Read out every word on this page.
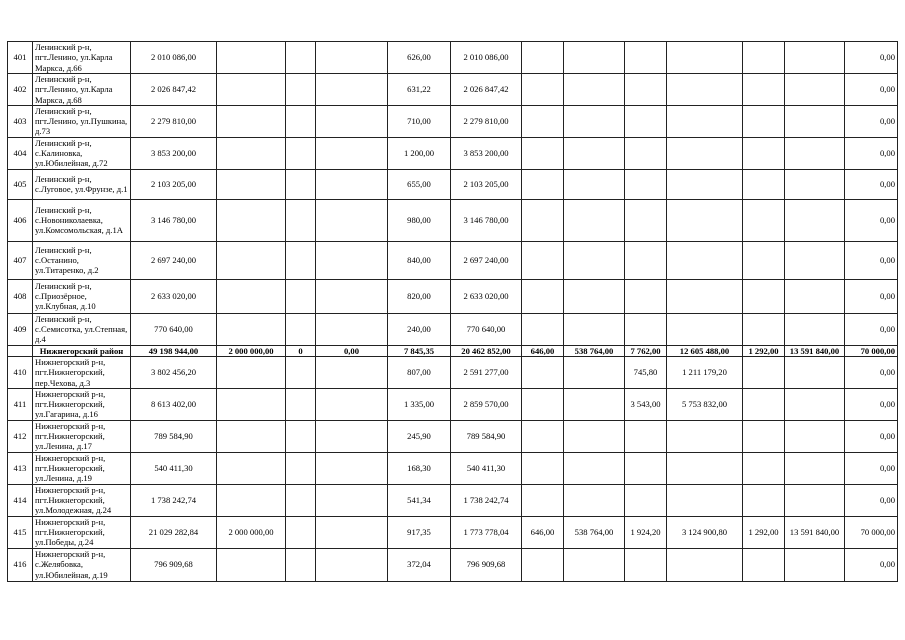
401	Ленинский р-н, пгт.Ленино, ул.Карла Маркса, д.66	2 010 086,00				626,00	2 010 086,00							0,00
402	Ленинский р-н, пгт.Ленино, ул.Карла Маркса, д.68	2 026 847,42				631,22	2 026 847,42							0,00
403	Ленинский р-н, пгт.Ленино, ул.Пушкина, д.73	2 279 810,00				710,00	2 279 810,00							0,00
404	Ленинский р-н, с.Калиновка, ул.Юбилейная, д.72	3 853 200,00				1 200,00	3 853 200,00							0,00
405	Ленинский р-н, с.Луговое, ул.Фрунзе, д.1	2 103 205,00				655,00	2 103 205,00							0,00
406	Ленинский р-н, с.Новониколаевка, ул.Комсомольская, д.1А	3 146 780,00				980,00	3 146 780,00							0,00
407	Ленинский р-н, с.Останино, ул.Титаренко, д.2	2 697 240,00				840,00	2 697 240,00							0,00
408	Ленинский р-н, с.Приозёрное, ул.Клубная, д.10	2 633 020,00				820,00	2 633 020,00							0,00
409	Ленинский р-н, с.Семисотка, ул.Степная, д.4	770 640,00				240,00	770 640,00							0,00
	Нижнегорский район	49 198 944,00	2 000 000,00	0	0,00	7 845,35	20 462 852,00	646,00	538 764,00	7 762,00	12 605 488,00	1 292,00	13 591 840,00	70 000,00
410	Нижнегорский р-н, пгт.Нижнегорский, пер.Чехова, д.3	3 802 456,20				807,00	2 591 277,00			745,80	1 211 179,20			0,00
411	Нижнегорский р-н, пгт.Нижнегорский, ул.Гагарина, д.16	8 613 402,00				1 335,00	2 859 570,00			3 543,00	5 753 832,00			0,00
412	Нижнегорский р-н, пгт.Нижнегорский, ул.Ленина, д.17	789 584,90				245,90	789 584,90							0,00
413	Нижнегорский р-н, пгт.Нижнегорский, ул.Ленина, д.19	540 411,30				168,30	540 411,30							0,00
414	Нижнегорский р-н, пгт.Нижнегорский, ул.Молодежная, д.24	1 738 242,74				541,34	1 738 242,74							0,00
415	Нижнегорский р-н, пгт.Нижнегорский, ул.Победы, д.24	21 029 282,84	2 000 000,00			917,35	1 773 778,04	646,00	538 764,00	1 924,20	3 124 900,80	1 292,00	13 591 840,00	70 000,00
416	Нижнегорский р-н, с.Желябовка, ул.Юбилейная, д.19	796 909,68				372,04	796 909,68							0,00
